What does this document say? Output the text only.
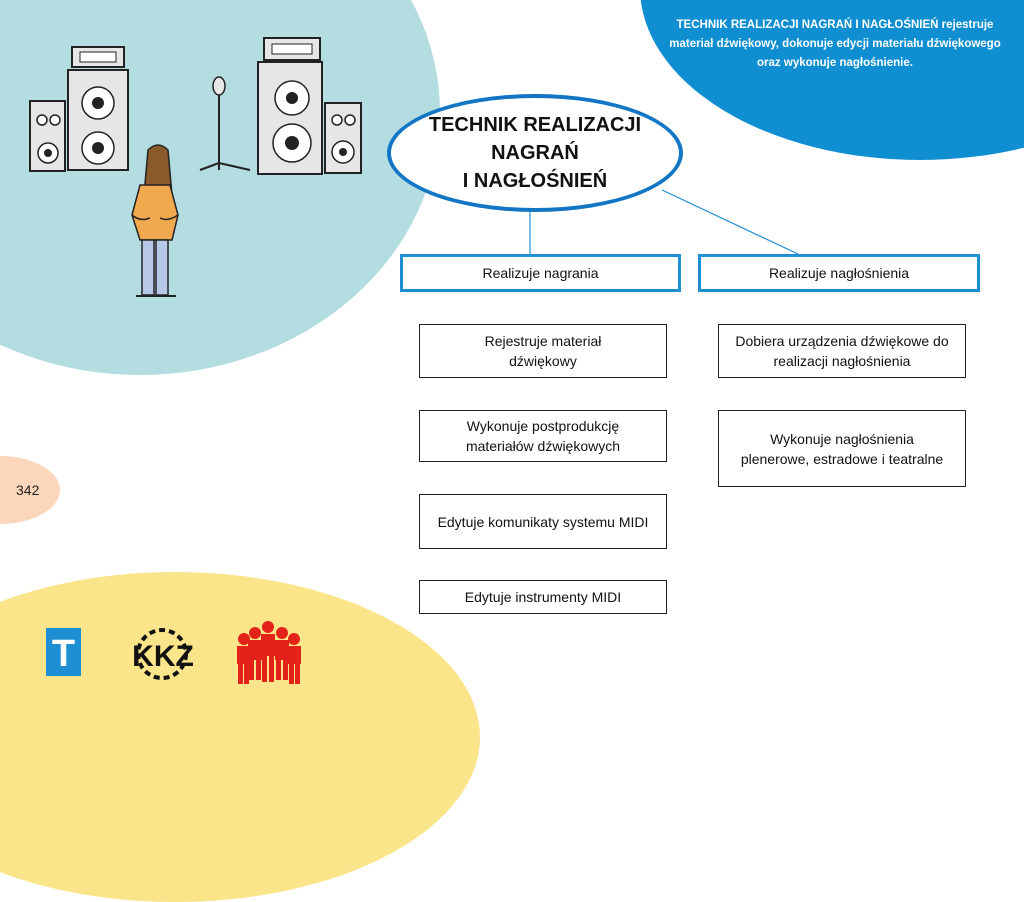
342
TECHNIK REALIZACJI NAGRAŃ I NAGŁOŚNIEŃ rejestruje materiał dźwiękowy, dokonuje edycji materiału dźwiękowego oraz wykonuje nagłośnienie.
TECHNIK REALIZACJI
NAGRAŃ
I NAGŁOŚNIEŃ
Realizuje nagrania	Realizuje nagłośnienia
Rejestruje materiał
dźwiękowy
Wykonuje postprodukcję
materiałów dźwiękowych
Edytuje komunikaty systemu MIDI
Edytuje instrumenty MIDI
Dobiera urządzenia dźwiękowe do
realizacji nagłośnienia
Wykonuje nagłośnienia
plenerowe, estradowe i teatralne
T KKZ
